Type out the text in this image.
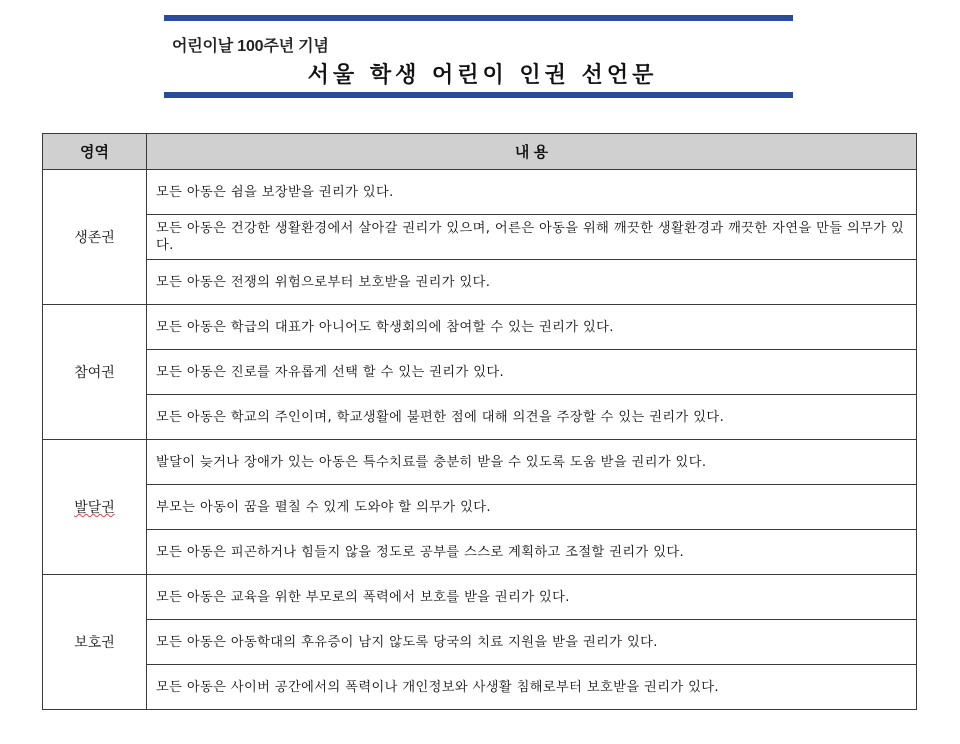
어린이날 100주년 기념
서울 학생 어린이 인권 선언문
영역	내 용
생존권	모든 아동은 쉼을 보장받을 권리가 있다.
	모든 아동은 건강한 생활환경에서 살아갈 권리가 있으며, 어른은 아동을 위해 깨끗한 생활환경과 깨끗한 자연을 만들 의무가 있다.
	모든 아동은 전쟁의 위험으로부터 보호받을 권리가 있다.
참여권	모든 아동은 학급의 대표가 아니어도 학생회의에 참여할 수 있는 권리가 있다.
	모든 아동은 진로를 자유롭게 선택 할 수 있는 권리가 있다.
	모든 아동은 학교의 주인이며, 학교생활에 불편한 점에 대해 의견을 주장할 수 있는 권리가 있다.
발달권	발달이 늦거나 장애가 있는 아동은 특수치료를 충분히 받을 수 있도록 도움 받을 권리가 있다.
	부모는 아동이 꿈을 펼칠 수 있게 도와야 할 의무가 있다.
	모든 아동은 피곤하거나 힘들지 않을 정도로 공부를 스스로 계획하고 조절할 권리가 있다.
보호권	모든 아동은 교육을 위한 부모로의 폭력에서 보호를 받을 권리가 있다.
	모든 아동은 아동학대의 후유증이 남지 않도록 당국의 치료 지원을 받을 권리가 있다.
	모든 아동은 사이버 공간에서의 폭력이나 개인정보와 사생활 침해로부터 보호받을 권리가 있다.
